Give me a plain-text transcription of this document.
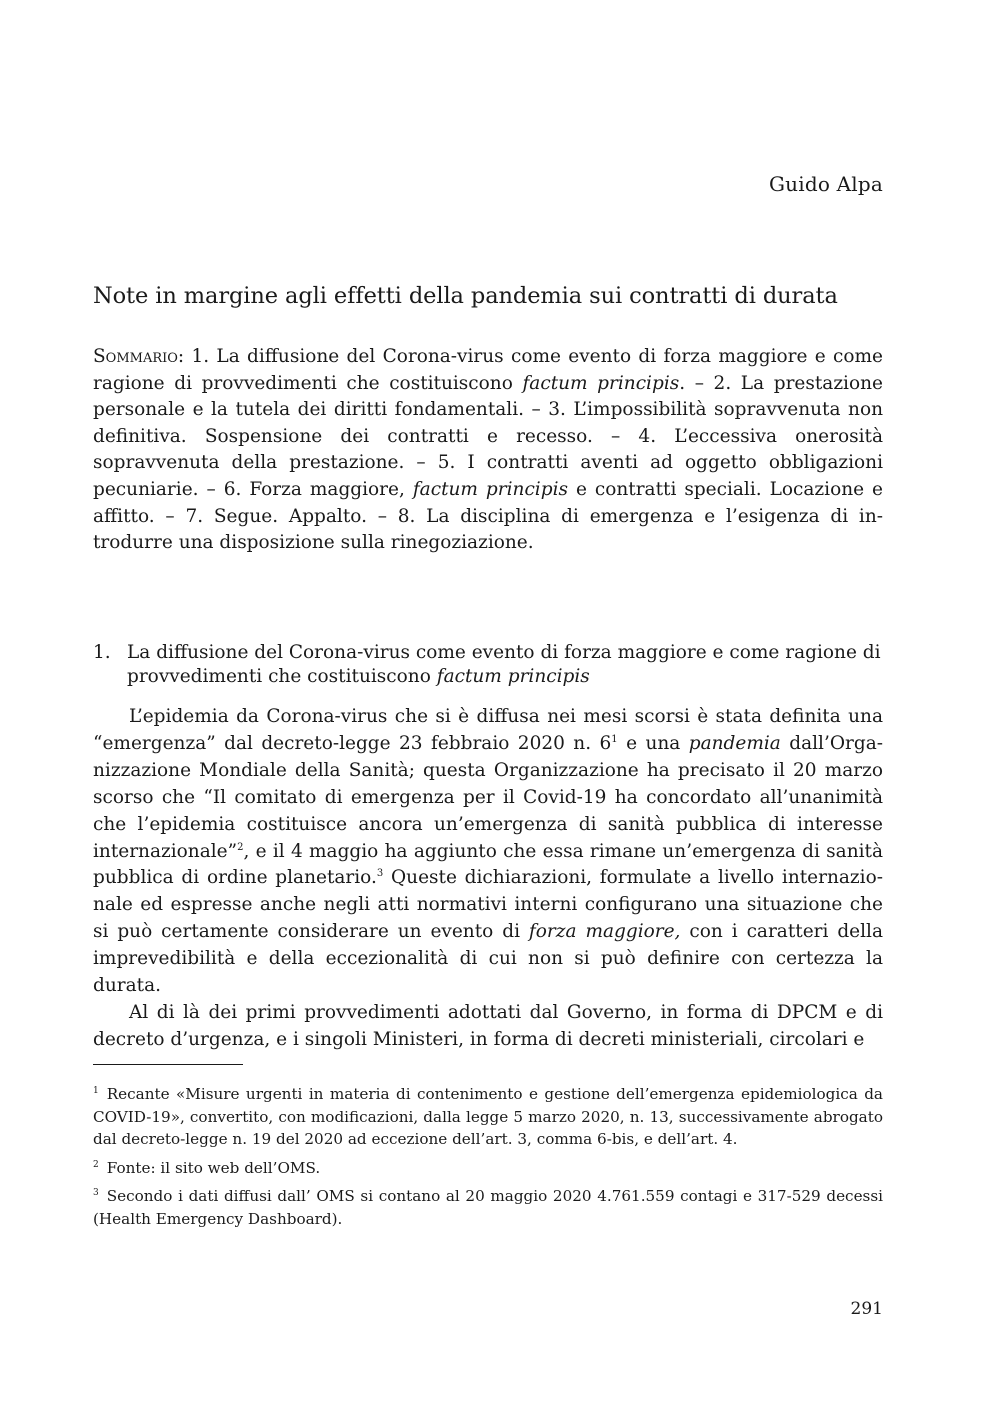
Guido Alpa
Note in margine agli effetti della pandemia sui contratti di durata

Sommario: 1. La diffusione del Corona-virus come evento di forza maggiore e come ragione di provvedimenti che costituiscono factum principis. – 2. La prestazione personale e la tutela dei diritti fondamentali. – 3. L’impossibilità sopravvenuta non definitiva. Sospensione dei contratti e recesso. – 4. L’eccessiva onerosità sopravvenuta della prestazione. – 5. I contratti aventi ad oggetto obbligazioni pecuniarie. – 6. Forza maggiore, factum principis e contratti speciali. Locazione e affitto. – 7. Segue. Appalto. – 8. La disciplina di emergenza e l’esigenza di introdurre una disposizione sulla rinegoziazione.

1. La diffusione del Corona-virus come evento di forza maggiore e come ragione di provvedimenti che costituiscono factum principis

L’epidemia da Corona-virus che si è diffusa nei mesi scorsi è stata definita una “emergenza” dal decreto-legge 23 febbraio 2020 n. $6^1$ e una pandemia dall’Organizzazione Mondiale della Sanità; questa Organizzazione ha precisato il 20 marzo scorso che “Il comitato di emergenza per il Covid-19 ha concordato all’unanimità che l’epidemia costituisce ancora un’emergenza di sanità pubblica di interesse internazionale”$^2$, e il 4 maggio ha aggiunto che essa rimane un’emergenza di sanità pubblica di ordine planetario.$^3$ Queste dichiarazioni, formulate a livello internazionale ed espresse anche negli atti normativi interni configurano una situazione che si può certamente considerare un evento di forza maggiore, con i caratteri della imprevedibilità e della eccezionalità di cui non si può definire con certezza la durata.

Al di là dei primi provvedimenti adottati dal Governo, in forma di DPCM e di decreto d’urgenza, e i singoli Ministeri, in forma di decreti ministeriali, circolari e

$^1$ Recante «Misure urgenti in materia di contenimento e gestione dell’emergenza epidemiologica da COVID-19», convertito, con modificazioni, dalla legge 5 marzo 2020, n. 13, successivamente abrogato dal decreto-legge n. 19 del 2020 ad eccezione dell’art. 3, comma 6-bis, e dell’art. 4.

$^2$ Fonte: il sito web dell’OMS.

$^3$ Secondo i dati diffusi dall’ OMS si contano al 20 maggio 2020 4.761.559 contagi e 317-529 decessi (Health Emergency Dashboard).

291
